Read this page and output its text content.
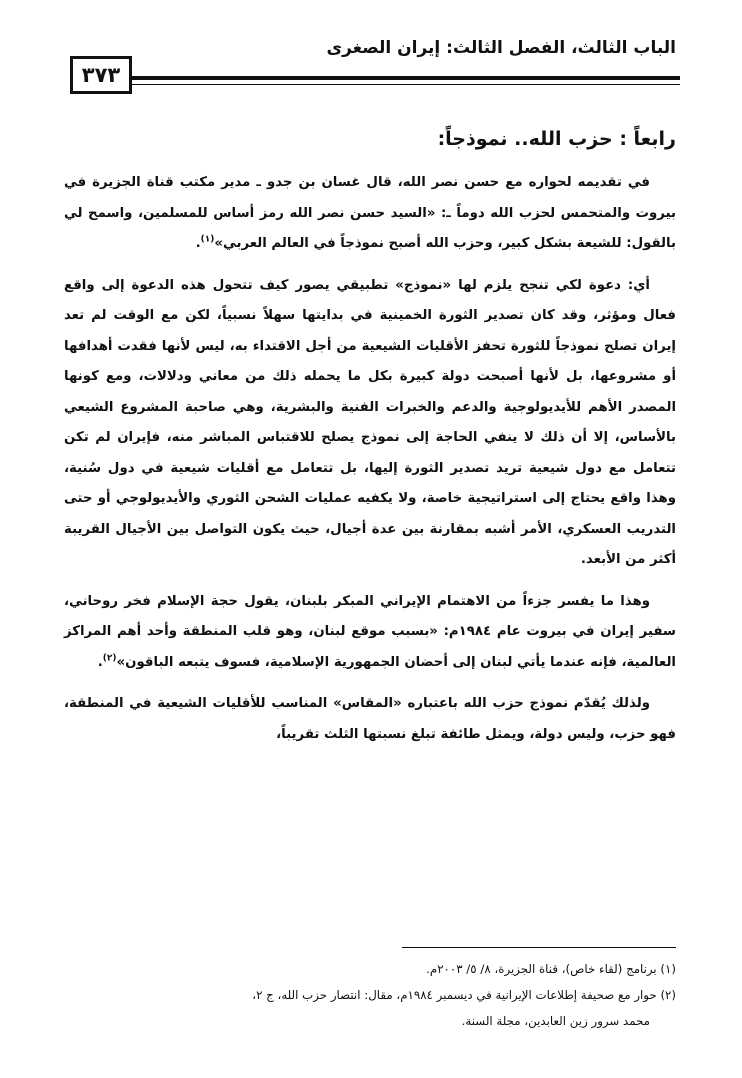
الباب الثالث، الفصل الثالث: إيران الصغرى
٣٧٣
رابعاً : حزب الله.. نموذجاً:

في تقديمه لحواره مع حسن نصر الله، قال غسان بن جدو ـ مدير مكتب قناة الجزيرة في بيروت والمتحمس لحزب الله دوماً ـ: «السيد حسن نصر الله رمز أساس للمسلمين، واسمح لي بالقول: للشيعة بشكل كبير، وحزب الله أصبح نموذجاً في العالم العربي»$^{(١)}$.

أي: دعوة لكي تنجح يلزم لها «نموذج» تطبيقي يصور كيف تتحول هذه الدعوة إلى واقع فعال ومؤثر، وقد كان تصدير الثورة الخمينية في بدايتها سهلاً نسبياً، لكن مع الوقت لم تعد إيران تصلح نموذجاً للثورة تحفز الأقليات الشيعية من أجل الاقتداء به، ليس لأنها فقدت أهدافها أو مشروعها، بل لأنها أصبحت دولة كبيرة بكل ما يحمله ذلك من معاني ودلالات، ومع كونها المصدر الأهم للأيديولوجية والدعم والخبرات الفنية والبشرية، وهي صاحبة المشروع الشيعي بالأساس، إلا أن ذلك لا ينفي الحاجة إلى نموذج يصلح للاقتباس المباشر منه، فإيران لم تكن تتعامل مع دول شيعية تريد تصدير الثورة إليها، بل تتعامل مع أقليات شيعية في دول سُنية، وهذا واقع يحتاج إلى استراتيجية خاصة، ولا يكفيه عمليات الشحن الثوري والأيديولوجي أو حتى التدريب العسكري، الأمر أشبه بمقارنة بين عدة أجيال، حيث يكون التواصل بين الأجيال القريبة أكثر من الأبعد.

وهذا ما يفسر جزءاً من الاهتمام الإيراني المبكر بلبنان، يقول حجة الإسلام فخر روحاني، سفير إيران في بيروت عام ١٩٨٤م: «بسبب موقع لبنان، وهو قلب المنطقة وأحد أهم المراكز العالمية، فإنه عندما يأتي لبنان إلى أحضان الجمهورية الإسلامية، فسوف يتبعه الباقون»$^{(٢)}$.

ولذلك يُقدّم نموذج حزب الله باعتباره «المقاس» المناسب للأقليات الشيعية في المنطقة، فهو حزب، وليس دولة، ويمثل طائفة تبلغ نسبتها الثلث تقريباً،

(١) برنامج (لقاء خاص)، قناة الجزيرة، ٨/ ٥/ ٢٠٠٣م.

(٢) حوار مع صحيفة إطلاعات الإيرانية في ديسمبر ١٩٨٤م، مقال: انتصار حزب الله، ج ٢،

محمد سرور زين العابدين، مجلة السنة.
